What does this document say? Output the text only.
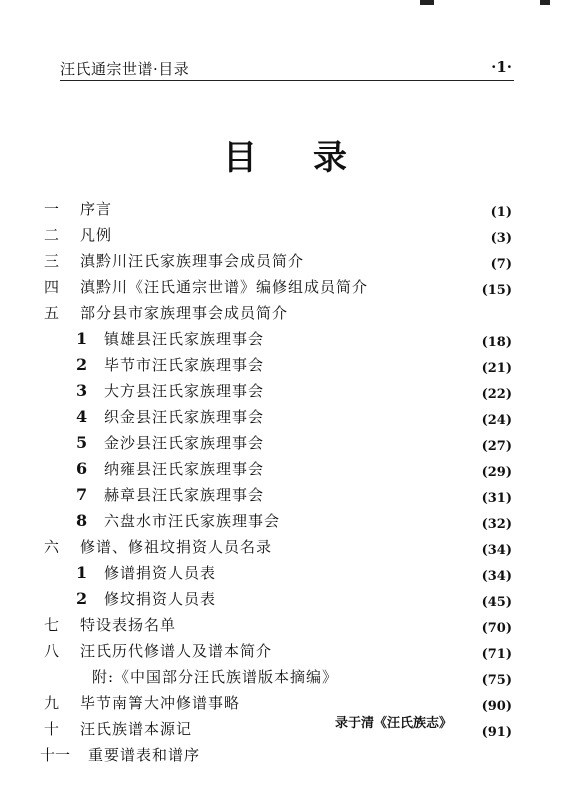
汪氏通宗世谱·目录	·1·
目录
一 序言	(1)
二 凡例	(3)
三 滇黔川汪氏家族理事会成员简介	(7)
四 滇黔川《汪氏通宗世谱》编修组成员简介	(15)
五 部分县市家族理事会成员简介
1 镇雄县汪氏家族理事会	(18)
2 毕节市汪氏家族理事会	(21)
3 大方县汪氏家族理事会	(22)
4 织金县汪氏家族理事会	(24)
5 金沙县汪氏家族理事会	(27)
6 纳雍县汪氏家族理事会	(29)
7 赫章县汪氏家族理事会	(31)
8 六盘水市汪氏家族理事会	(32)
六 修谱、修祖坟捐资人员名录	(34)
1 修谱捐资人员表	(34)
2 修坟捐资人员表	(45)
七 特设表扬名单	(70)
八 汪氏历代修谱人及谱本简介	(71)
附:《中国部分汪氏族谱版本摘编》	(75)
九 毕节南箐大冲修谱事略	(90)
十 汪氏族谱本源记	(91)
十一 重要谱表和谱序
录于清《汪氏族志》
